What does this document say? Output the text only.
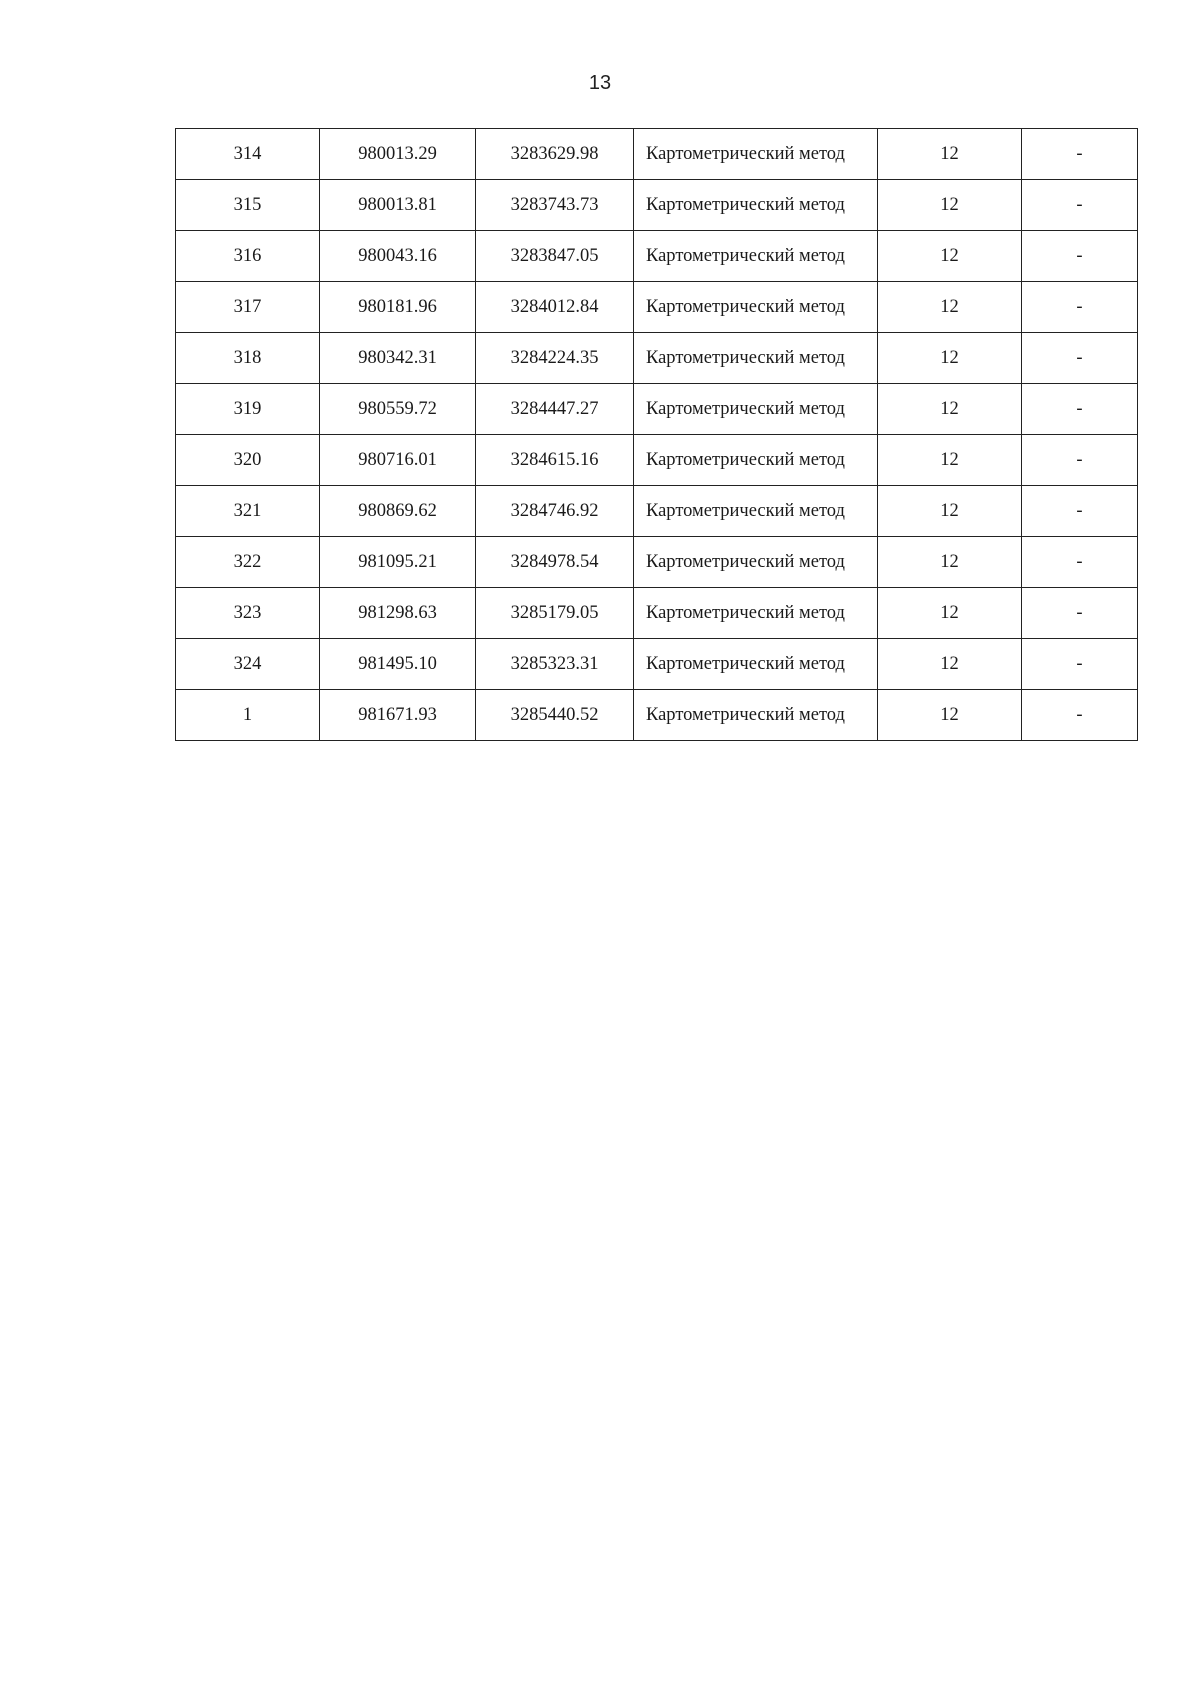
13
314	980013.29	3283629.98	Картометрический метод	12	-
315	980013.81	3283743.73	Картометрический метод	12	-
316	980043.16	3283847.05	Картометрический метод	12	-
317	980181.96	3284012.84	Картометрический метод	12	-
318	980342.31	3284224.35	Картометрический метод	12	-
319	980559.72	3284447.27	Картометрический метод	12	-
320	980716.01	3284615.16	Картометрический метод	12	-
321	980869.62	3284746.92	Картометрический метод	12	-
322	981095.21	3284978.54	Картометрический метод	12	-
323	981298.63	3285179.05	Картометрический метод	12	-
324	981495.10	3285323.31	Картометрический метод	12	-
1	981671.93	3285440.52	Картометрический метод	12	-
